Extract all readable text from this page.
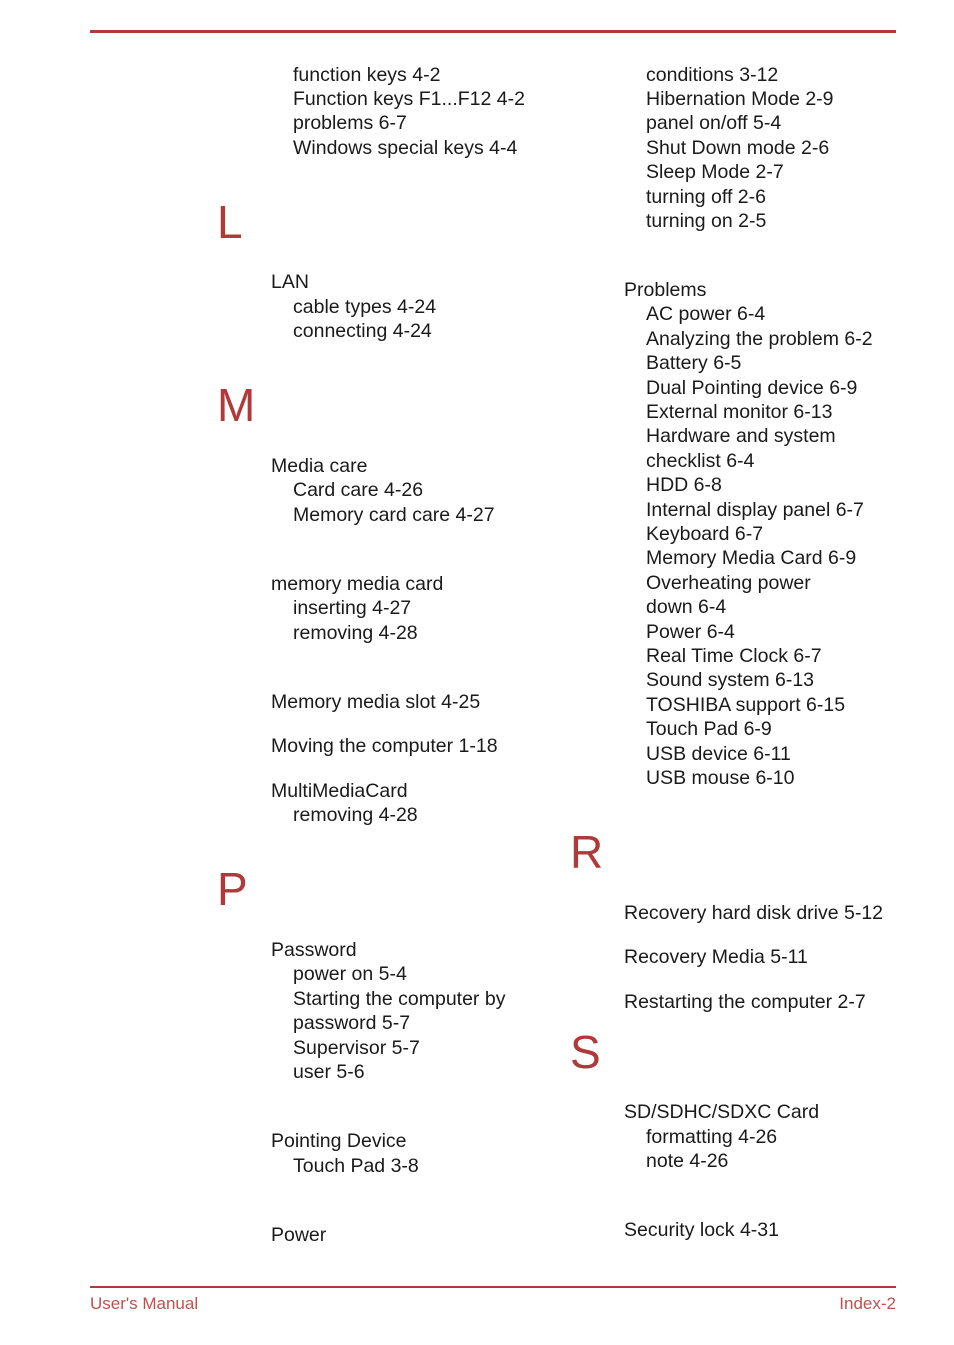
function keys 4-2
Function keys F1...F12 4-2
problems 6-7
Windows special keys 4-4
L
LAN
cable types 4-24
connecting 4-24
M
Media care
Card care 4-26
Memory card care 4-27
memory media card
inserting 4-27
removing 4-28
Memory media slot 4-25
Moving the computer 1-18
MultiMediaCard
removing 4-28
P
Password
power on 5-4
Starting the computer by
password 5-7
Supervisor 5-7
user 5-6
Pointing Device
Touch Pad 3-8
Power
conditions 3-12
Hibernation Mode 2-9
panel on/off 5-4
Shut Down mode 2-6
Sleep Mode 2-7
turning off 2-6
turning on 2-5
Problems
AC power 6-4
Analyzing the problem 6-2
Battery 6-5
Dual Pointing device 6-9
External monitor 6-13
Hardware and system
checklist 6-4
HDD 6-8
Internal display panel 6-7
Keyboard 6-7
Memory Media Card 6-9
Overheating power
down 6-4
Power 6-4
Real Time Clock 6-7
Sound system 6-13
TOSHIBA support 6-15
Touch Pad 6-9
USB device 6-11
USB mouse 6-10
R
Recovery hard disk drive 5-12
Recovery Media 5-11
Restarting the computer 2-7
S
SD/SDHC/SDXC Card
formatting 4-26
note 4-26
Security lock 4-31
User's Manual	Index-2
